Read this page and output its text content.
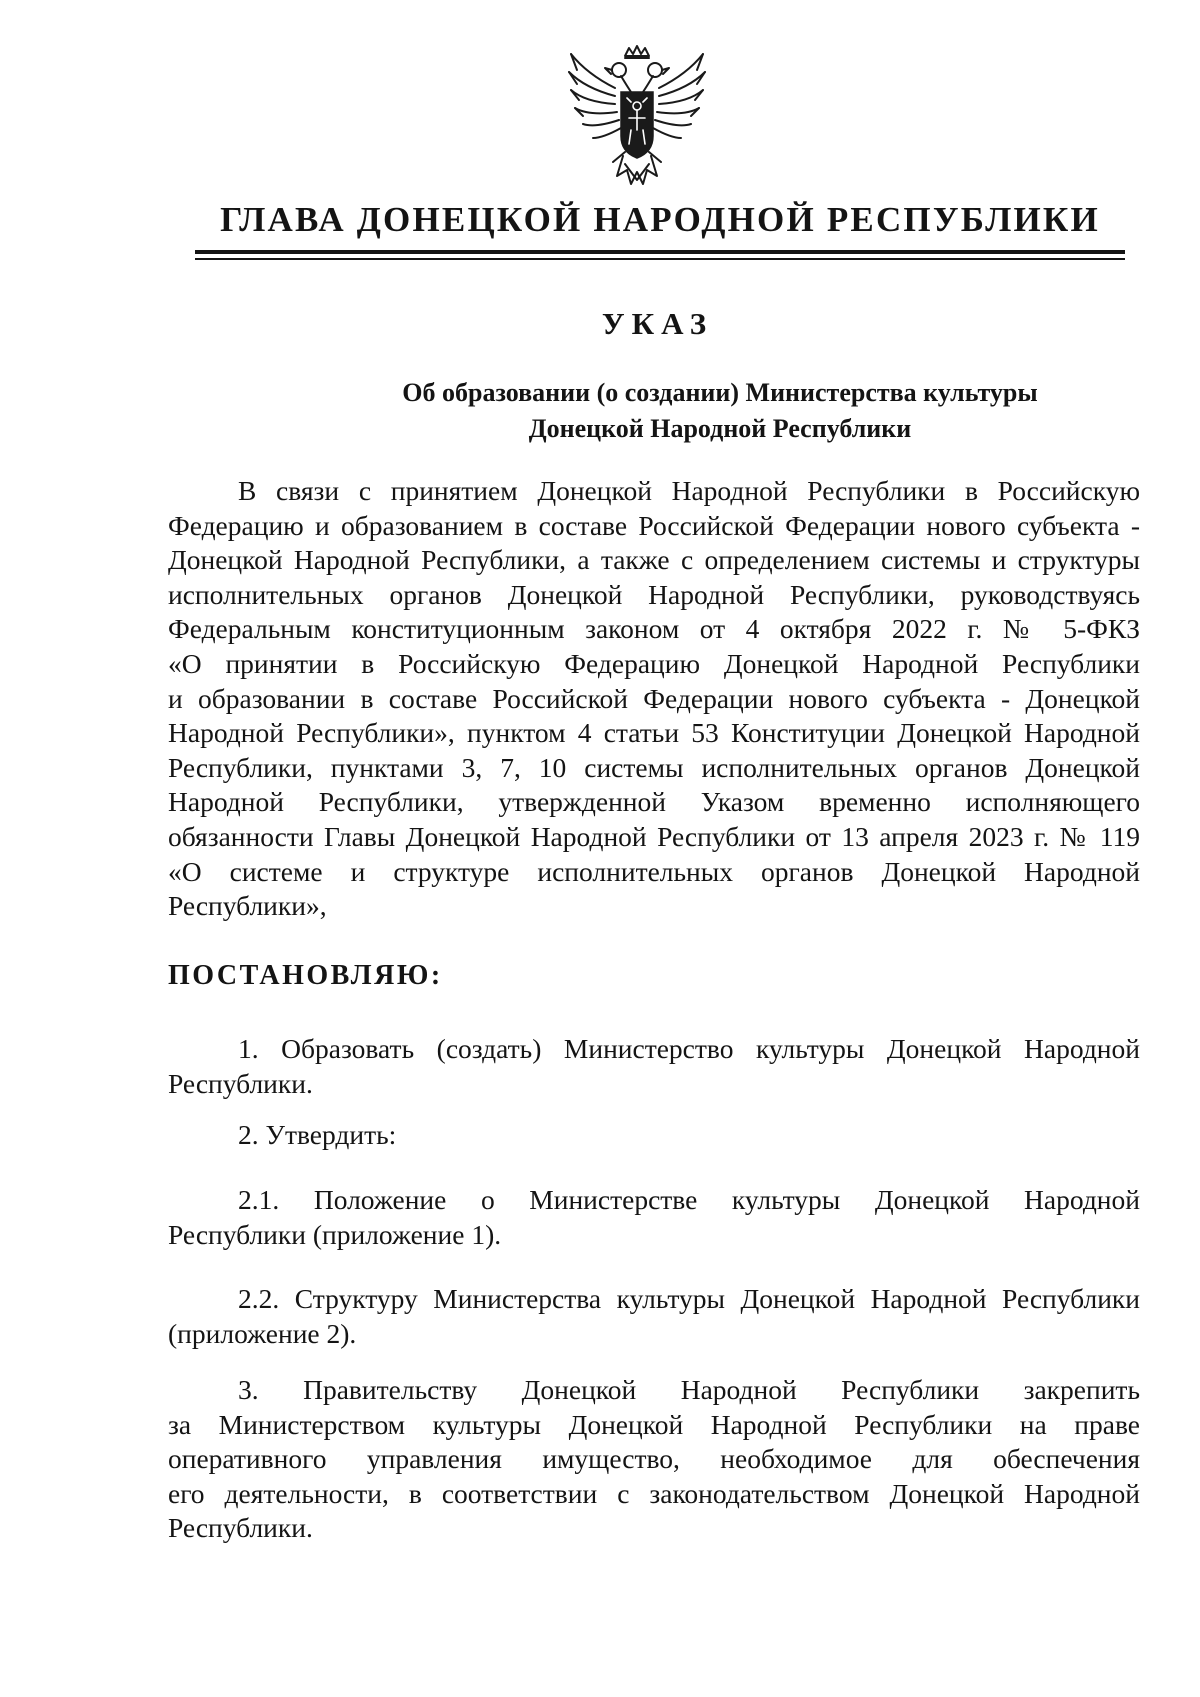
ГЛАВА ДОНЕЦКОЙ НАРОДНОЙ РЕСПУБЛИКИ
УКАЗ
Об образовании (о создании) Министерства культуры
Донецкой Народной Республики
В связи с принятием Донецкой Народной Республики в Российскую
Федерацию и образованием в составе Российской Федерации нового субъекта -
Донецкой Народной Республики, а также с определением системы и структуры
исполнительных органов Донецкой Народной Республики, руководствуясь
Федеральным конституционным законом от 4 октября 2022 г. № 5-ФКЗ
«О принятии в Российскую Федерацию Донецкой Народной Республики
и образовании в составе Российской Федерации нового субъекта - Донецкой
Народной Республики», пунктом 4 статьи 53 Конституции Донецкой Народной
Республики, пунктами 3, 7, 10 системы исполнительных органов Донецкой
Народной Республики, утвержденной Указом временно исполняющего
обязанности Главы Донецкой Народной Республики от 13 апреля 2023 г. № 119
«О системе и структуре исполнительных органов Донецкой Народной
Республики»,
ПОСТАНОВЛЯЮ:
1. Образовать (создать) Министерство культуры Донецкой Народной
Республики.
2. Утвердить:
2.1. Положение о Министерстве культуры Донецкой Народной
Республики (приложение 1).
2.2. Структуру Министерства культуры Донецкой Народной Республики
(приложение 2).
3. Правительству Донецкой Народной Республики закрепить
за Министерством культуры Донецкой Народной Республики на праве
оперативного управления имущество, необходимое для обеспечения
его деятельности, в соответствии с законодательством Донецкой Народной
Республики.
